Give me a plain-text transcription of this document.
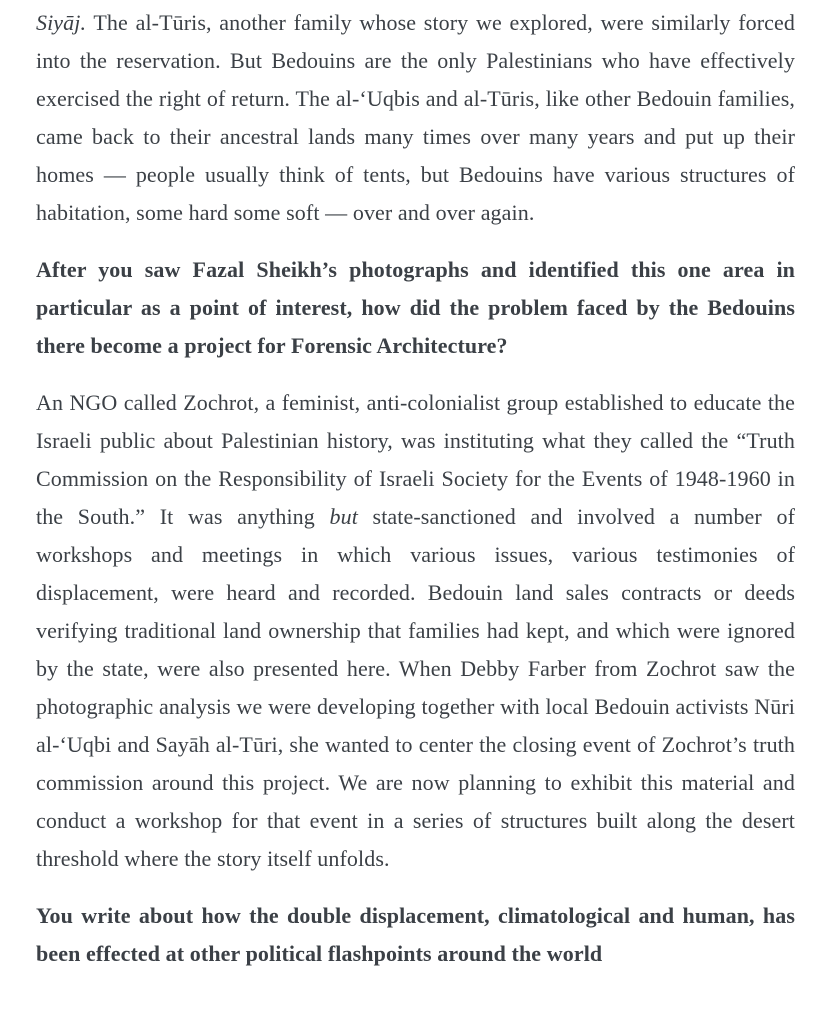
Siyāj. The al-Tūris, another family whose story we explored, were similarly forced into the reservation. But Bedouins are the only Palestinians who have effectively exercised the right of return. The al-‘Uqbis and al-Tūris, like other Bedouin families, came back to their ancestral lands many times over many years and put up their homes — people usually think of tents, but Bedouins have various structures of habitation, some hard some soft — over and over again.

After you saw Fazal Sheikh’s photographs and identified this one area in particular as a point of interest, how did the problem faced by the Bedouins there become a project for Forensic Architecture?

An NGO called Zochrot, a feminist, anti-colonialist group established to educate the Israeli public about Palestinian history, was instituting what they called the “Truth Commission on the Responsibility of Israeli Society for the Events of 1948-1960 in the South.” It was anything but state-sanctioned and involved a number of workshops and meetings in which various issues, various testimonies of displacement, were heard and recorded. Bedouin land sales contracts or deeds verifying traditional land ownership that families had kept, and which were ignored by the state, were also presented here. When Debby Farber from Zochrot saw the photographic analysis we were developing together with local Bedouin activists Nūri al-‘Uqbi and Sayāh al-Tūri, she wanted to center the closing event of Zochrot’s truth commission around this project. We are now planning to exhibit this material and conduct a workshop for that event in a series of structures built along the desert threshold where the story itself unfolds.

You write about how the double displacement, climatological and human, has been effected at other political flashpoints around the world
